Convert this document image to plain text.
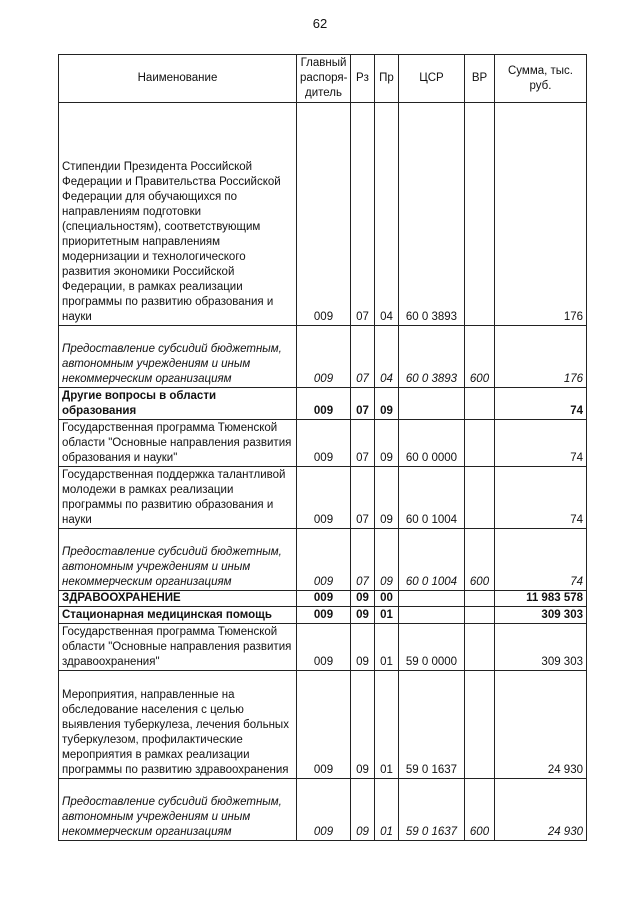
62
Наименование	Главный распоря- дитель	Рз	Пр	ЦСР	ВР	Сумма, тыс. руб.
Стипендии Президента Российской Федерации и Правительства Российской Федерации для обучающихся по направлениям подготовки (специальностям), соответствующим приоритетным направлениям модернизации и технологического развития экономики Российской Федерации, в рамках реализации программы по развитию образования и науки	009	07	04	60 0 3893		176
Предоставление субсидий бюджетным, автономным учреждениям и иным некоммерческим организациям	009	07	04	60 0 3893	600	176
Другие вопросы в области образования	009	07	09			74
Государственная программа Тюменской области "Основные направления развития образования и науки"	009	07	09	60 0 0000		74
Государственная поддержка талантливой молодежи в рамках реализации программы по развитию образования и науки	009	07	09	60 0 1004		74
Предоставление субсидий бюджетным, автономным учреждениям и иным некоммерческим организациям	009	07	09	60 0 1004	600	74
ЗДРАВООХРАНЕНИЕ	009	09	00			11 983 578
Стационарная медицинская помощь	009	09	01			309 303
Государственная программа Тюменской области "Основные направления развития здравоохранения"	009	09	01	59 0 0000		309 303
Мероприятия, направленные на обследование населения с целью выявления туберкулеза, лечения больных туберкулезом, профилактические мероприятия в рамках реализации программы по развитию здравоохранения	009	09	01	59 0 1637		24 930
Предоставление субсидий бюджетным, автономным учреждениям и иным некоммерческим организациям	009	09	01	59 0 1637	600	24 930
